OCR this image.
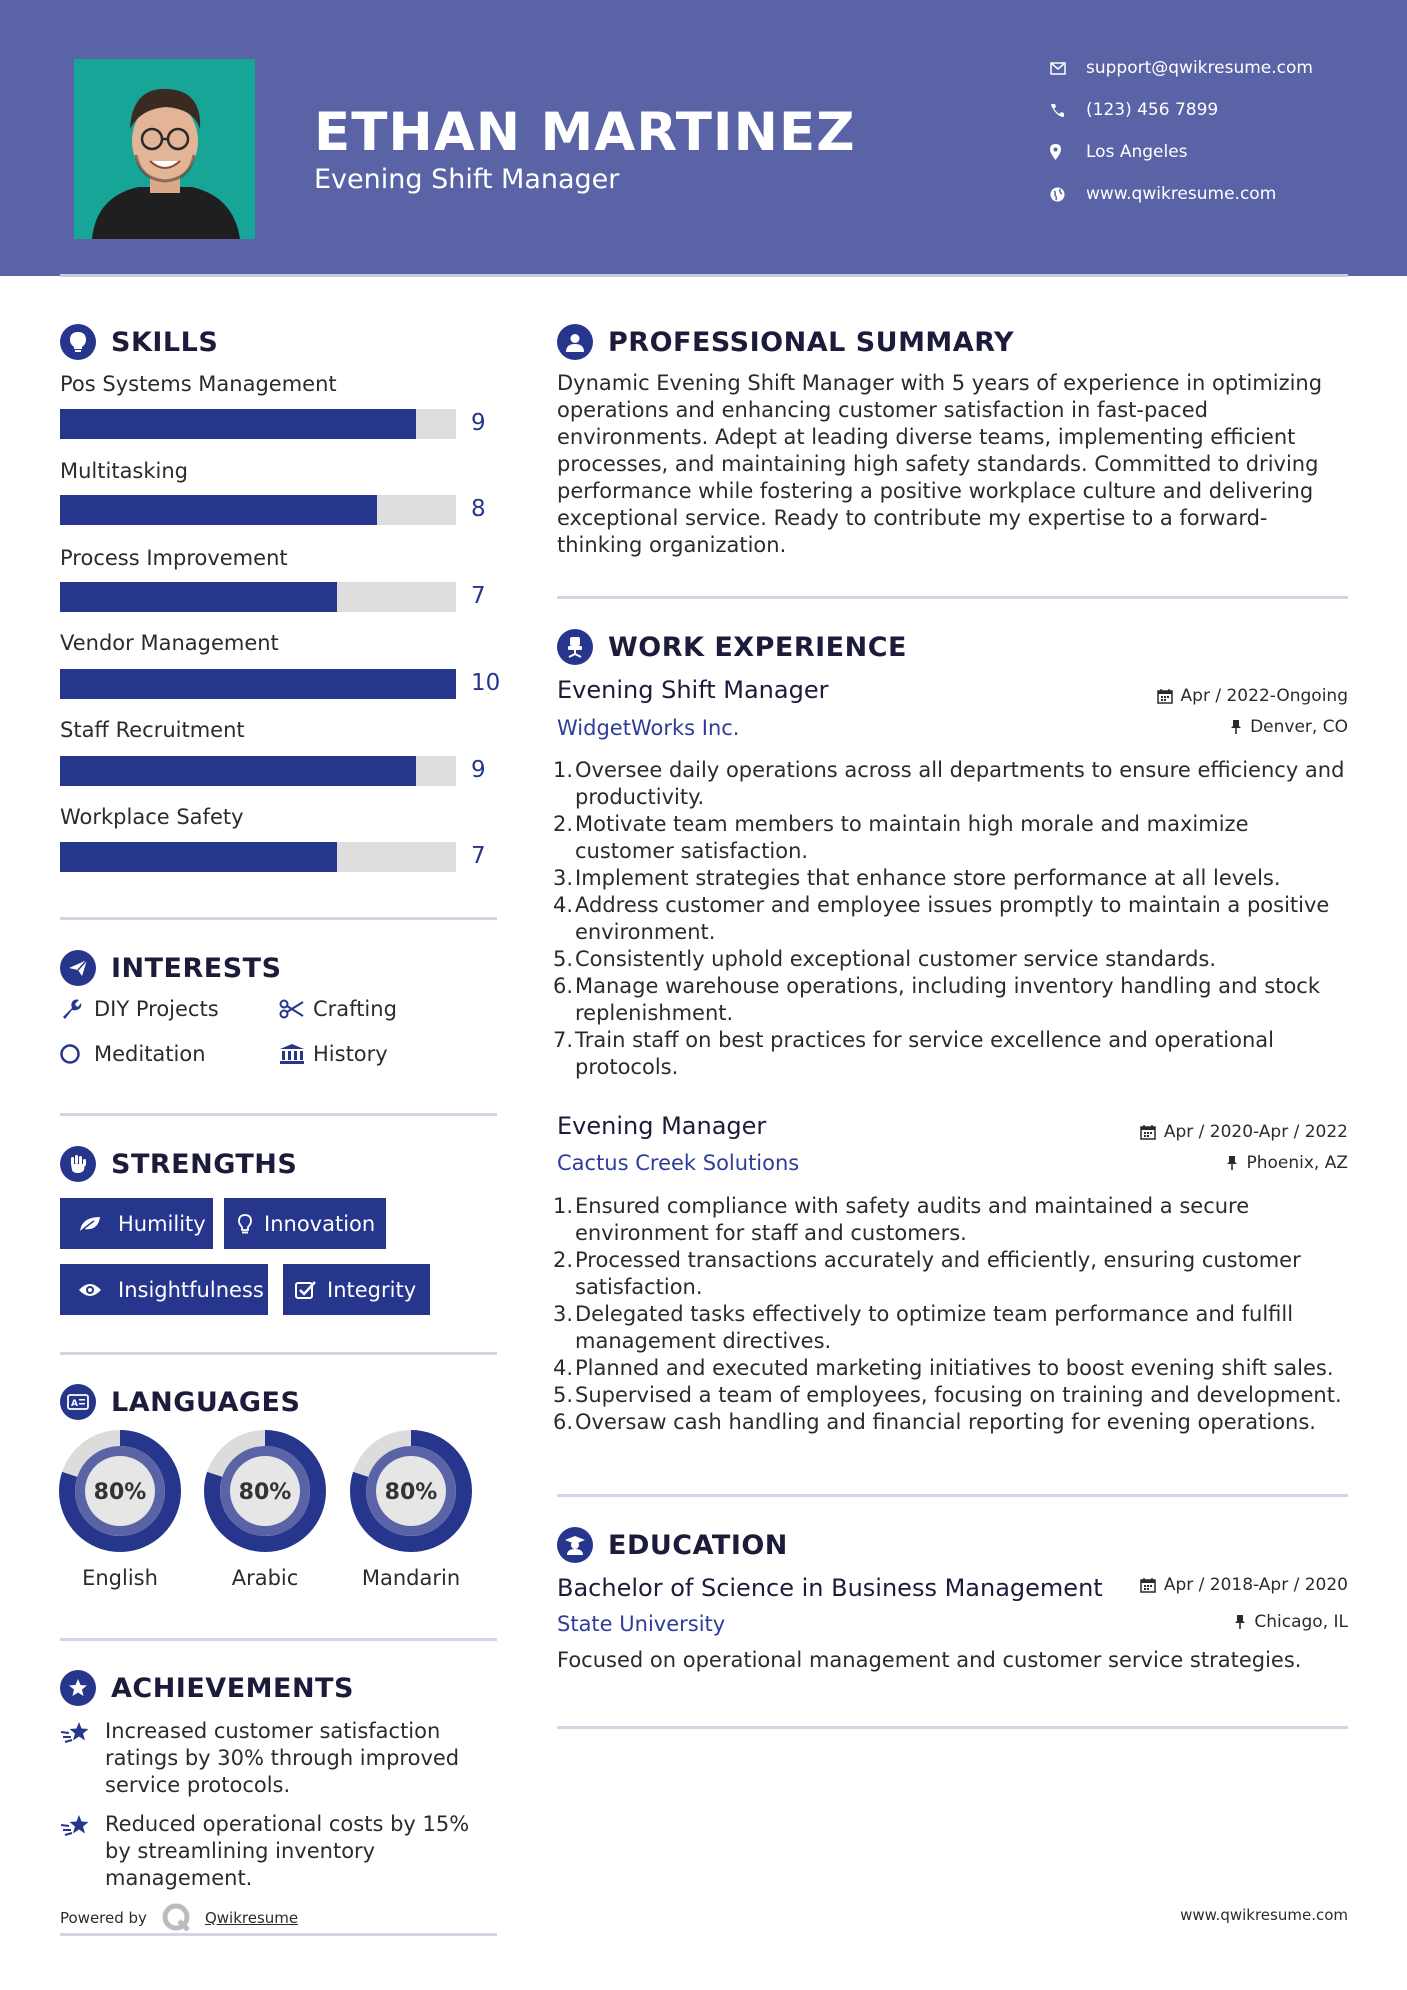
ETHAN MARTINEZ
Evening Shift Manager
support@qwikresume.com
(123) 456 7899
Los Angeles
www.qwikresume.com
SKILLS
Pos Systems Management
9
Multitasking
8
Process Improvement
7
Vendor Management
10
Staff Recruitment
9
Workplace Safety
7
INTERESTS
DIY Projects	Crafting
Meditation	History
STRENGTHS
Humility	Innovation
Insightfulness	Integrity
A LANGUAGES
80%
English
80%
Arabic
80%
Mandarin
ACHIEVEMENTS
Increased customer satisfaction ratings by 30% through improved service protocols.
Reduced operational costs by 15% by streamlining inventory management.
Powered by	Qwikresume
PROFESSIONAL SUMMARY
Dynamic Evening Shift Manager with 5 years of experience in optimizing operations and enhancing customer satisfaction in fast-paced environments. Adept at leading diverse teams, implementing efficient processes, and maintaining high safety standards. Committed to driving performance while fostering a positive workplace culture and delivering exceptional service. Ready to contribute my expertise to a forward-thinking organization.
WORK EXPERIENCE
Evening Shift Manager
WidgetWorks Inc.
Apr / 2022-Ongoing
Denver, CO
1. Oversee daily operations across all departments to ensure efficiency and productivity.
2. Motivate team members to maintain high morale and maximize customer satisfaction.
3. Implement strategies that enhance store performance at all levels.
4. Address customer and employee issues promptly to maintain a positive environment.
5. Consistently uphold exceptional customer service standards.
6. Manage warehouse operations, including inventory handling and stock replenishment.
7. Train staff on best practices for service excellence and operational protocols.
Evening Manager
Cactus Creek Solutions
Apr / 2020-Apr / 2022
Phoenix, AZ
1. Ensured compliance with safety audits and maintained a secure environment for staff and customers.
2. Processed transactions accurately and efficiently, ensuring customer satisfaction.
3. Delegated tasks effectively to optimize team performance and fulfill management directives.
4. Planned and executed marketing initiatives to boost evening shift sales.
5. Supervised a team of employees, focusing on training and development.
6. Oversaw cash handling and financial reporting for evening operations.
EDUCATION
Bachelor of Science in Business Management
State University
Apr / 2018-Apr / 2020
Chicago, IL
Focused on operational management and customer service strategies.
www.qwikresume.com
